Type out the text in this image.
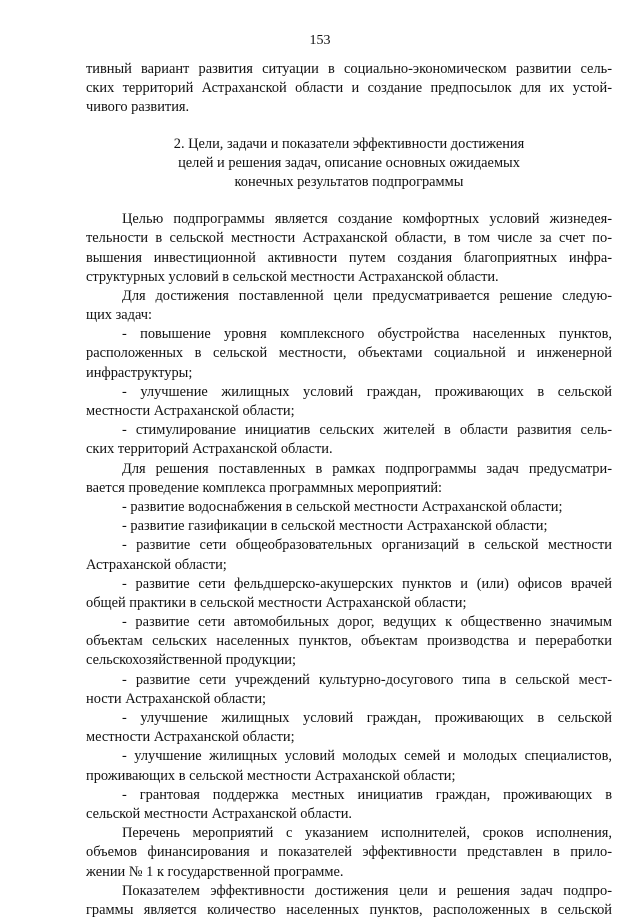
153
тивный вариант развития ситуации в социально-экономическом развитии сель-
ских территорий Астраханской области и создание предпосылок для их устой-
чивого развития.
2. Цели, задачи и показатели эффективности достижения
целей и решения задач, описание основных ожидаемых
конечных результатов подпрограммы
Целью подпрограммы является создание комфортных условий жизнедея-
тельности в сельской местности Астраханской области, в том числе за счет по-
вышения инвестиционной активности путем создания благоприятных инфра-
структурных условий в сельской местности Астраханской области.
Для достижения поставленной цели предусматривается решение следую-
щих задач:
- повышение уровня комплексного обустройства населенных пунктов,
расположенных в сельской местности, объектами социальной и инженерной
инфраструктуры;
- улучшение жилищных условий граждан, проживающих в сельской
местности Астраханской области;
- стимулирование инициатив сельских жителей в области развития сель-
ских территорий Астраханской области.
Для решения поставленных в рамках подпрограммы задач предусматри-
вается проведение комплекса программных мероприятий:
- развитие водоснабжения в сельской местности Астраханской области;
- развитие газификации в сельской местности Астраханской области;
- развитие сети общеобразовательных организаций в сельской местности
Астраханской области;
- развитие сети фельдшерско-акушерских пунктов и (или) офисов врачей
общей практики в сельской местности Астраханской области;
- развитие сети автомобильных дорог, ведущих к общественно значимым
объектам сельских населенных пунктов, объектам производства и переработки
сельскохозяйственной продукции;
- развитие сети учреждений культурно-досугового типа в сельской мест-
ности Астраханской области;
- улучшение жилищных условий граждан, проживающих в сельской
местности Астраханской области;
- улучшение жилищных условий молодых семей и молодых специалистов,
проживающих в сельской местности Астраханской области;
- грантовая поддержка местных инициатив граждан, проживающих в
сельской местности Астраханской области.
Перечень мероприятий с указанием исполнителей, сроков исполнения,
объемов финансирования и показателей эффективности представлен в прило-
жении № 1 к государственной программе.
Показателем эффективности достижения цели и решения задач подпро-
граммы является количество населенных пунктов, расположенных в сельской
